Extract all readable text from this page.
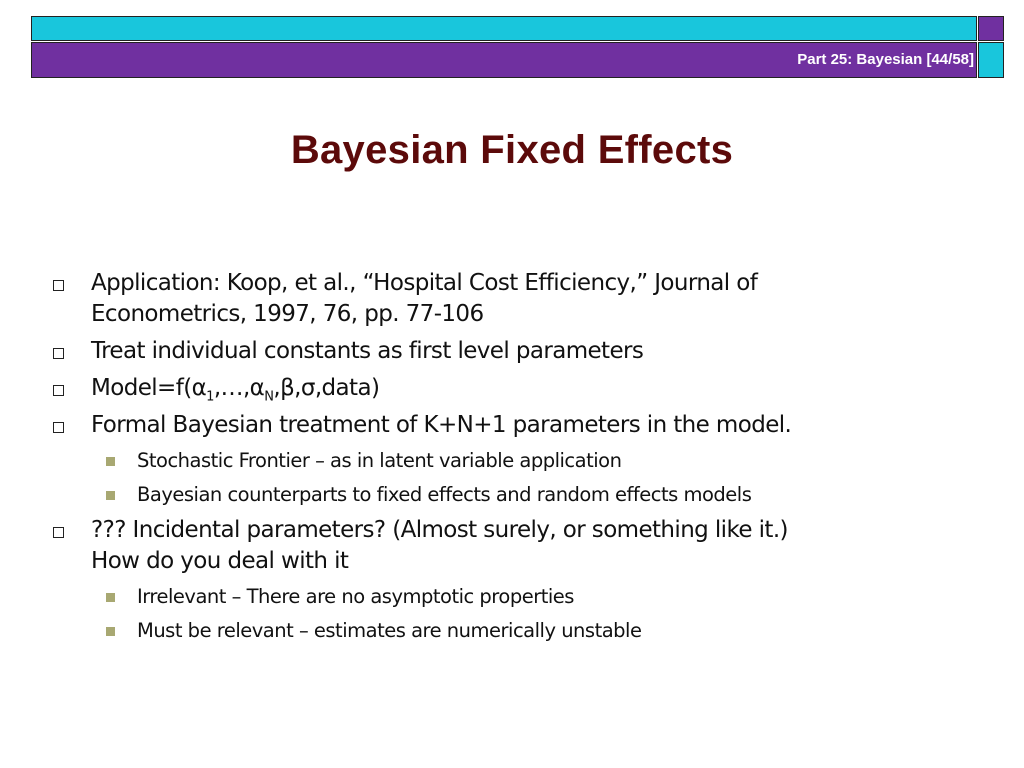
Part 25: Bayesian [44/58]
Bayesian Fixed Effects
Application: Koop, et al., “Hospital Cost Efficiency,” Journal of
Econometrics, 1997, 76, pp. 77-106
Treat individual constants as first level parameters
$Model=f(\alpha_1,\dots,\alpha_N,\beta,\sigma,data)$
Formal Bayesian treatment of K+N+1 parameters in the model.
Stochastic Frontier – as in latent variable application
Bayesian counterparts to fixed effects and random effects models
??? Incidental parameters? (Almost surely, or something like it.)
How do you deal with it
Irrelevant – There are no asymptotic properties
Must be relevant – estimates are numerically unstable
